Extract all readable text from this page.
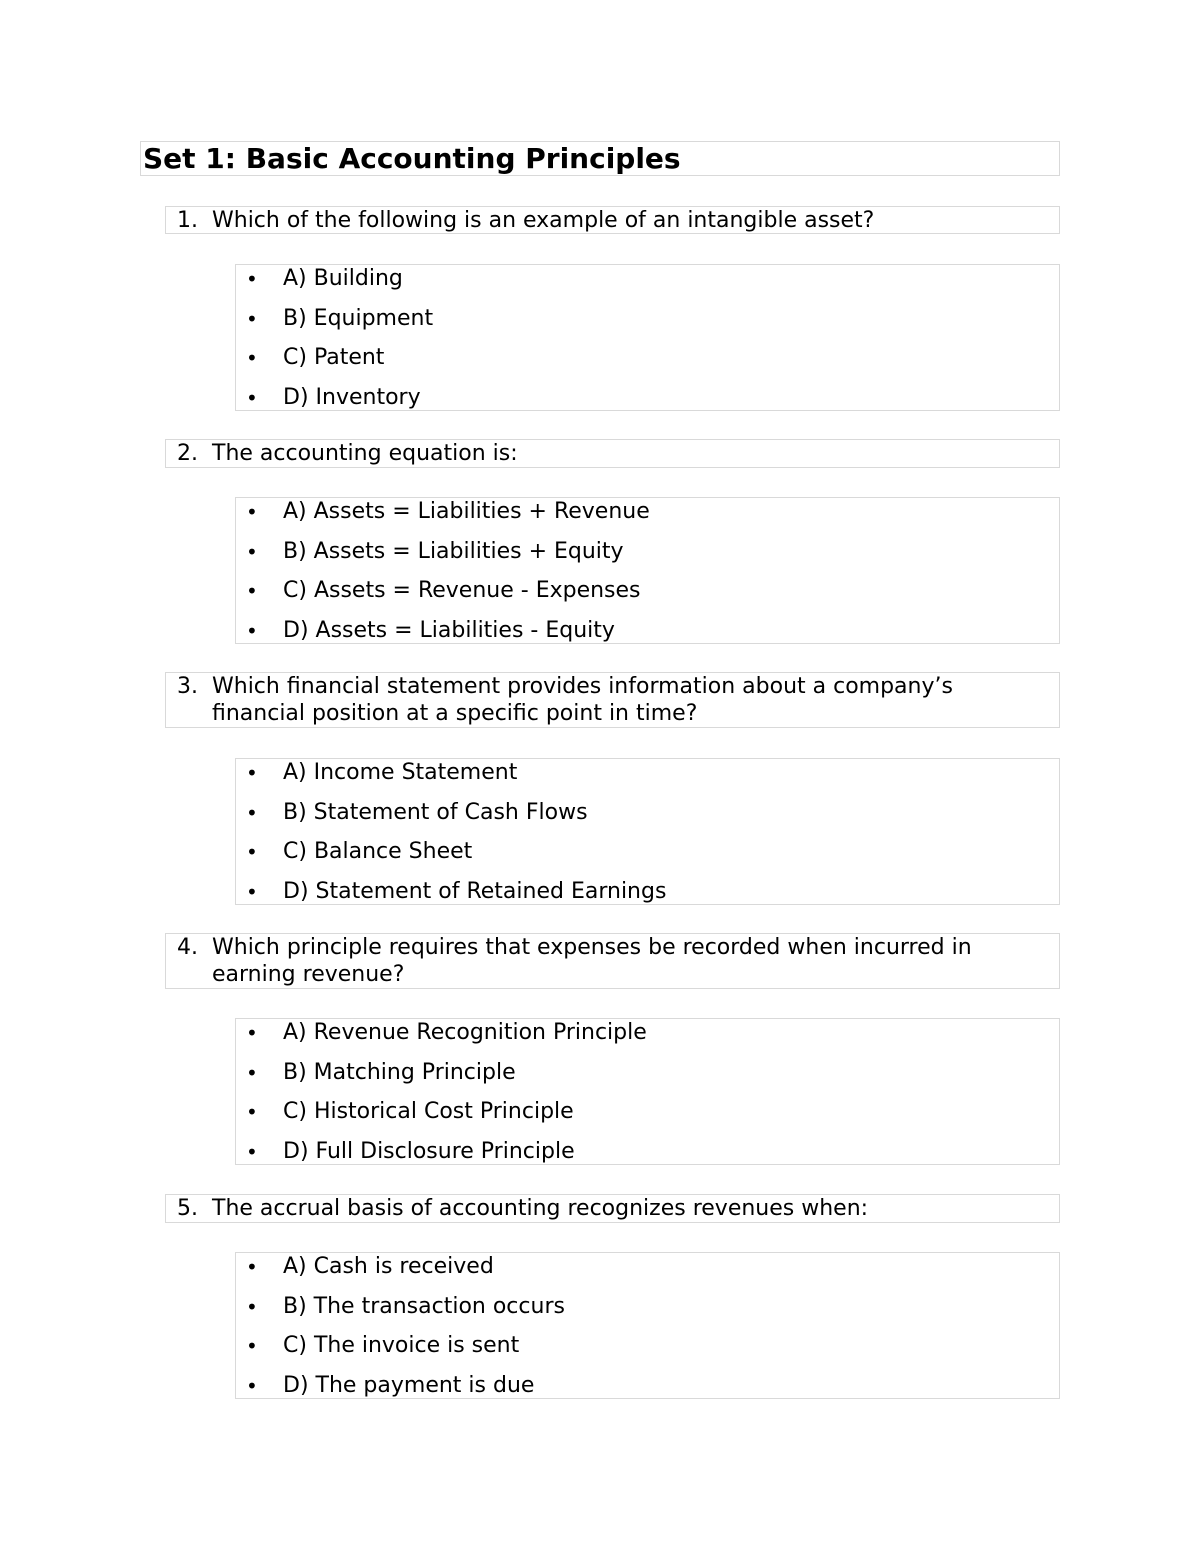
Set 1: Basic Accounting Principles
1. Which of the following is an example of an intangible asset?
• A) Building
• B) Equipment
• C) Patent
• D) Inventory
2. The accounting equation is:
• A) Assets = Liabilities + Revenue
• B) Assets = Liabilities + Equity
• C) Assets = Revenue - Expenses
• D) Assets = Liabilities - Equity
3. Which financial statement provides information about a company’s financial position at a specific point in time?
• A) Income Statement
• B) Statement of Cash Flows
• C) Balance Sheet
• D) Statement of Retained Earnings
4. Which principle requires that expenses be recorded when incurred in earning revenue?
• A) Revenue Recognition Principle
• B) Matching Principle
• C) Historical Cost Principle
• D) Full Disclosure Principle
5. The accrual basis of accounting recognizes revenues when:
• A) Cash is received
• B) The transaction occurs
• C) The invoice is sent
• D) The payment is due
